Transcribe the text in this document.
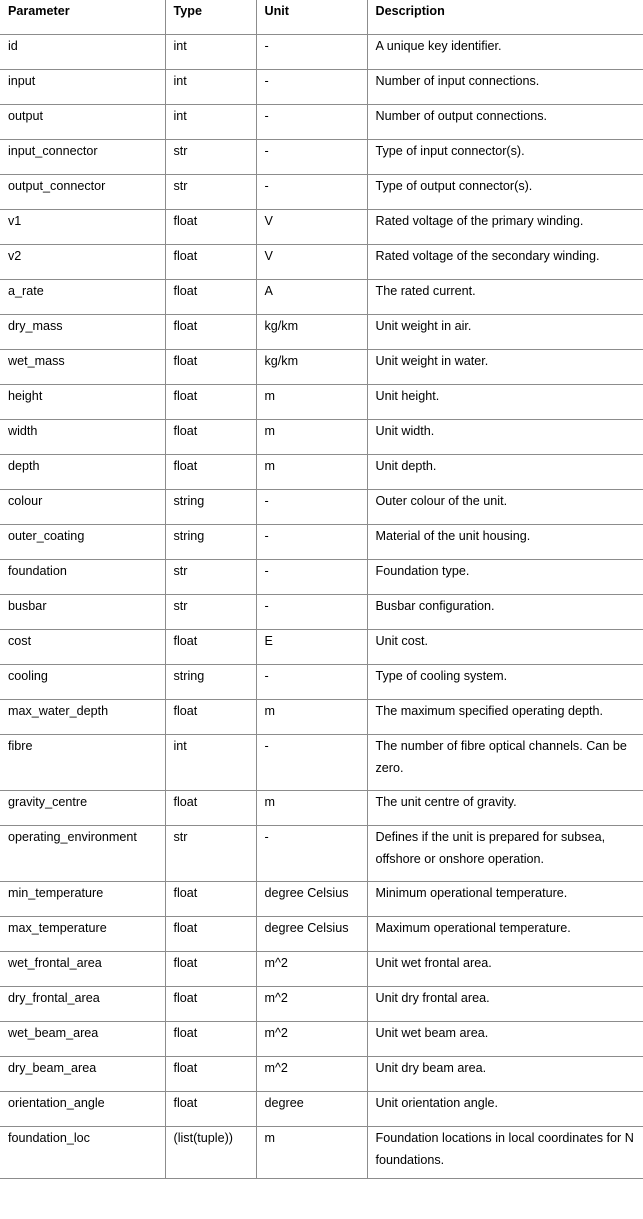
Parameter	Type	Unit	Description
id	int	-	A unique key identifier.
input	int	-	Number of input connections.
output	int	-	Number of output connections.
input_connector	str	-	Type of input connector(s).
output_connector	str	-	Type of output connector(s).
v1	float	V	Rated voltage of the primary winding.
v2	float	V	Rated voltage of the secondary winding.
a_rate	float	A	The rated current.
dry_mass	float	kg/km	Unit weight in air.
wet_mass	float	kg/km	Unit weight in water.
height	float	m	Unit height.
width	float	m	Unit width.
depth	float	m	Unit depth.
colour	string	-	Outer colour of the unit.
outer_coating	string	-	Material of the unit housing.
foundation	str	-	Foundation type.
busbar	str	-	Busbar configuration.
cost	float	E	Unit cost.
cooling	string	-	Type of cooling system.
max_water_depth	float	m	The maximum specified operating depth.
fibre	int	-	The number of fibre optical channels. Can be zero.
gravity_centre	float	m	The unit centre of gravity.
operating_environment	str	-	Defines if the unit is prepared for subsea, offshore or onshore operation.
min_temperature	float	degree Celsius	Minimum operational temperature.
max_temperature	float	degree Celsius	Maximum operational temperature.
wet_frontal_area	float	m^2	Unit wet frontal area.
dry_frontal_area	float	m^2	Unit dry frontal area.
wet_beam_area	float	m^2	Unit wet beam area.
dry_beam_area	float	m^2	Unit dry beam area.
orientation_angle	float	degree	Unit orientation angle.
foundation_loc	(list(tuple))	m	Foundation locations in local coordinates for N foundations.
